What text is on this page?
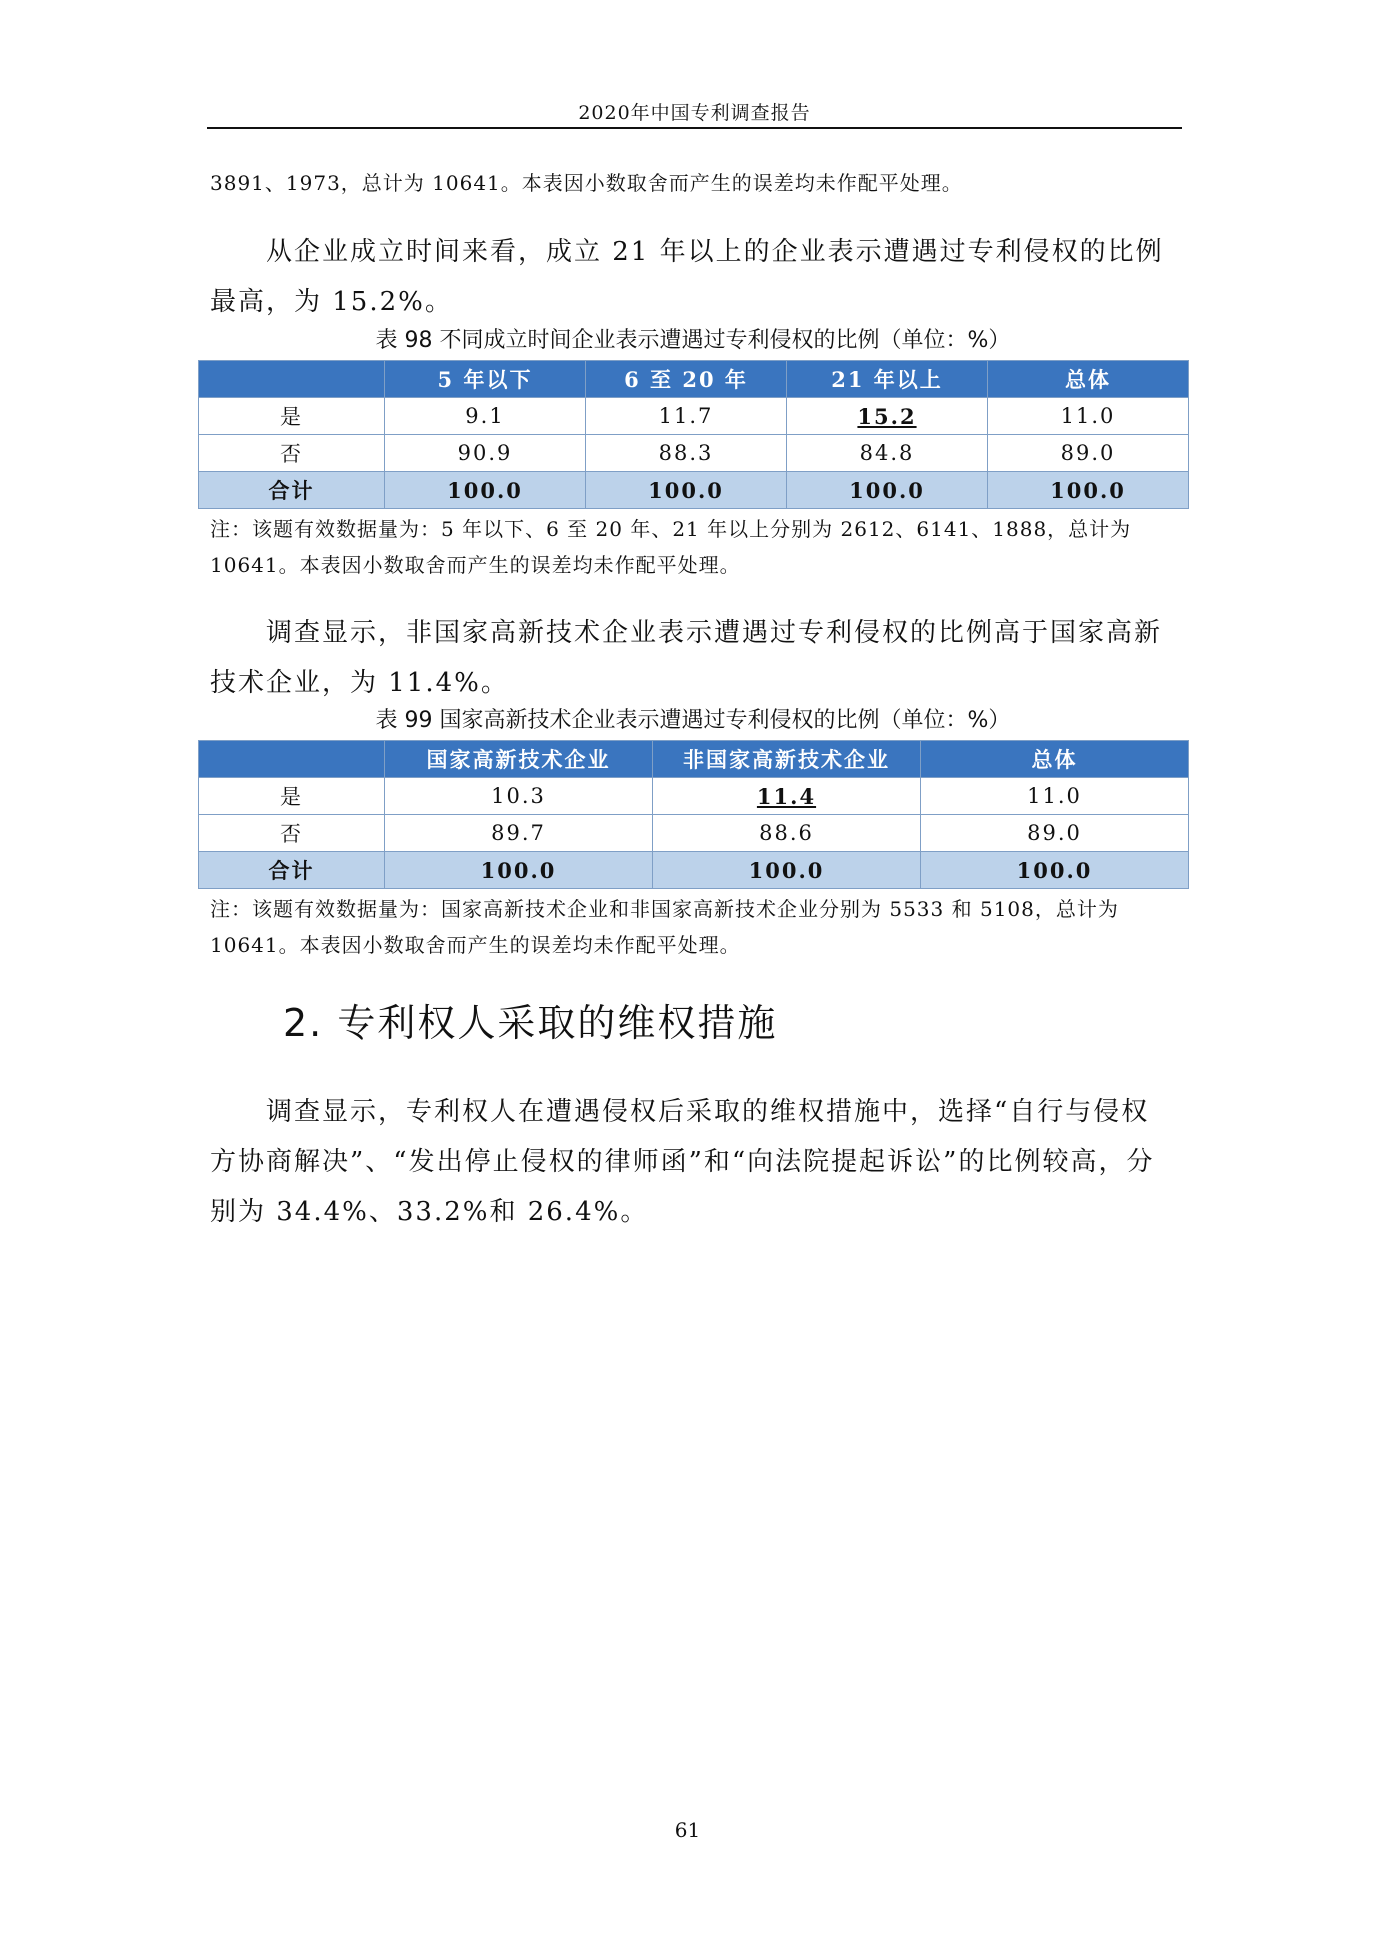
2020年中国专利调查报告
3891、1973，总计为 10641。本表因小数取舍而产生的误差均未作配平处理。
从企业成立时间来看，成立 21 年以上的企业表示遭遇过专利侵权的比例最高，为 15.2%。
表 98 不同成立时间企业表示遭遇过专利侵权的比例（单位：%）
	5 年以下	6 至 20 年	21 年以上	总体
是	9.1	11.7	15.2	11.0
否	90.9	88.3	84.8	89.0
合计	100.0	100.0	100.0	100.0
注：该题有效数据量为：5 年以下、6 至 20 年、21 年以上分别为 2612、6141、1888，总计为 10641。本表因小数取舍而产生的误差均未作配平处理。
调查显示，非国家高新技术企业表示遭遇过专利侵权的比例高于国家高新技术企业，为 11.4%。
表 99 国家高新技术企业表示遭遇过专利侵权的比例（单位：%）
	国家高新技术企业	非国家高新技术企业	总体
是	10.3	11.4	11.0
否	89.7	88.6	89.0
合计	100.0	100.0	100.0
注：该题有效数据量为：国家高新技术企业和非国家高新技术企业分别为 5533 和 5108，总计为 10641。本表因小数取舍而产生的误差均未作配平处理。
2. 专利权人采取的维权措施
调查显示，专利权人在遭遇侵权后采取的维权措施中，选择“自行与侵权方协商解决”、“发出停止侵权的律师函”和“向法院提起诉讼”的比例较高，分别为 34.4%、33.2%和 26.4%。
61
